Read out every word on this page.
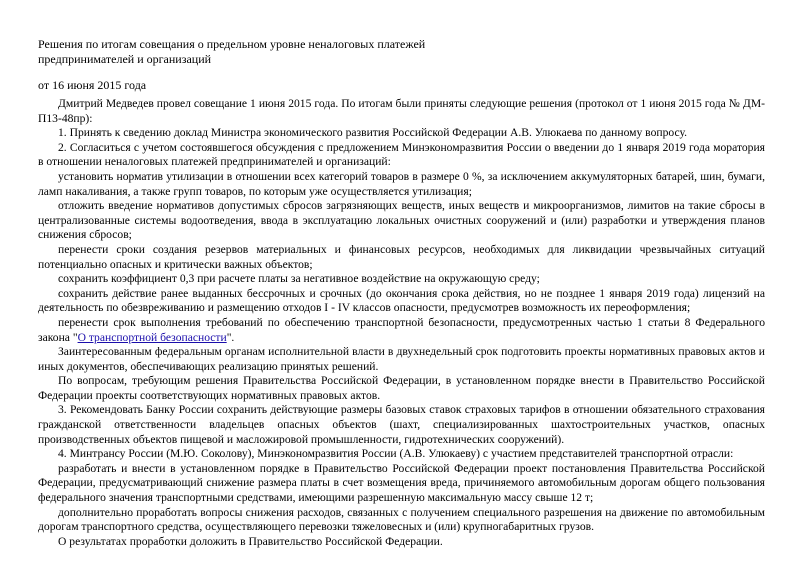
Решения по итогам совещания о предельном уровне неналоговых платежей предпринимателей и организаций
от 16 июня 2015 года

Дмитрий Медведев провел совещание 1 июня 2015 года. По итогам были приняты следующие решения (протокол от 1 июня 2015 года № ДМ-П13-48пр):

1. Принять к сведению доклад Министра экономического развития Российской Федерации А.В. Улюкаева по данному вопросу.

2. Согласиться с учетом состоявшегося обсуждения с предложением Минэкономразвития России о введении до 1 января 2019 года моратория в отношении неналоговых платежей предпринимателей и организаций:

установить норматив утилизации в отношении всех категорий товаров в размере 0 %, за исключением аккумуляторных батарей, шин, бумаги, ламп накаливания, а также групп товаров, по которым уже осуществляется утилизация;

отложить введение нормативов допустимых сбросов загрязняющих веществ, иных веществ и микроорганизмов, лимитов на такие сбросы в централизованные системы водоотведения, ввода в эксплуатацию локальных очистных сооружений и (или) разработки и утверждения планов снижения сбросов;

перенести сроки создания резервов материальных и финансовых ресурсов, необходимых для ликвидации чрезвычайных ситуаций потенциально опасных и критически важных объектов;

сохранить коэффициент 0,3 при расчете платы за негативное воздействие на окружающую среду;

сохранить действие ранее выданных бессрочных и срочных (до окончания срока действия, но не позднее 1 января 2019 года) лицензий на деятельность по обезвреживанию и размещению отходов I - IV классов опасности, предусмотрев возможность их переоформления;

перенести срок выполнения требований по обеспечению транспортной безопасности, предусмотренных частью 1 статьи 8 Федерального закона "О транспортной безопасности".

Заинтересованным федеральным органам исполнительной власти в двухнедельный срок подготовить проекты нормативных правовых актов и иных документов, обеспечивающих реализацию принятых решений.

По вопросам, требующим решения Правительства Российской Федерации, в установленном порядке внести в Правительство Российской Федерации проекты соответствующих нормативных правовых актов.

3. Рекомендовать Банку России сохранить действующие размеры базовых ставок страховых тарифов в отношении обязательного страхования гражданской ответственности владельцев опасных объектов (шахт, специализированных шахтостроительных участков, опасных производственных объектов пищевой и масложировой промышленности, гидротехнических сооружений).

4. Минтрансу России (М.Ю. Соколову), Минэкономразвития России (А.В. Улюкаеву) с участием представителей транспортной отрасли:

разработать и внести в установленном порядке в Правительство Российской Федерации проект постановления Правительства Российской Федерации, предусматривающий снижение размера платы в счет возмещения вреда, причиняемого автомобильным дорогам общего пользования федерального значения транспортными средствами, имеющими разрешенную максимальную массу свыше 12 т;

дополнительно проработать вопросы снижения расходов, связанных с получением специального разрешения на движение по автомобильным дорогам транспортного средства, осуществляющего перевозки тяжеловесных и (или) крупногабаритных грузов.

О результатах проработки доложить в Правительство Российской Федерации.
